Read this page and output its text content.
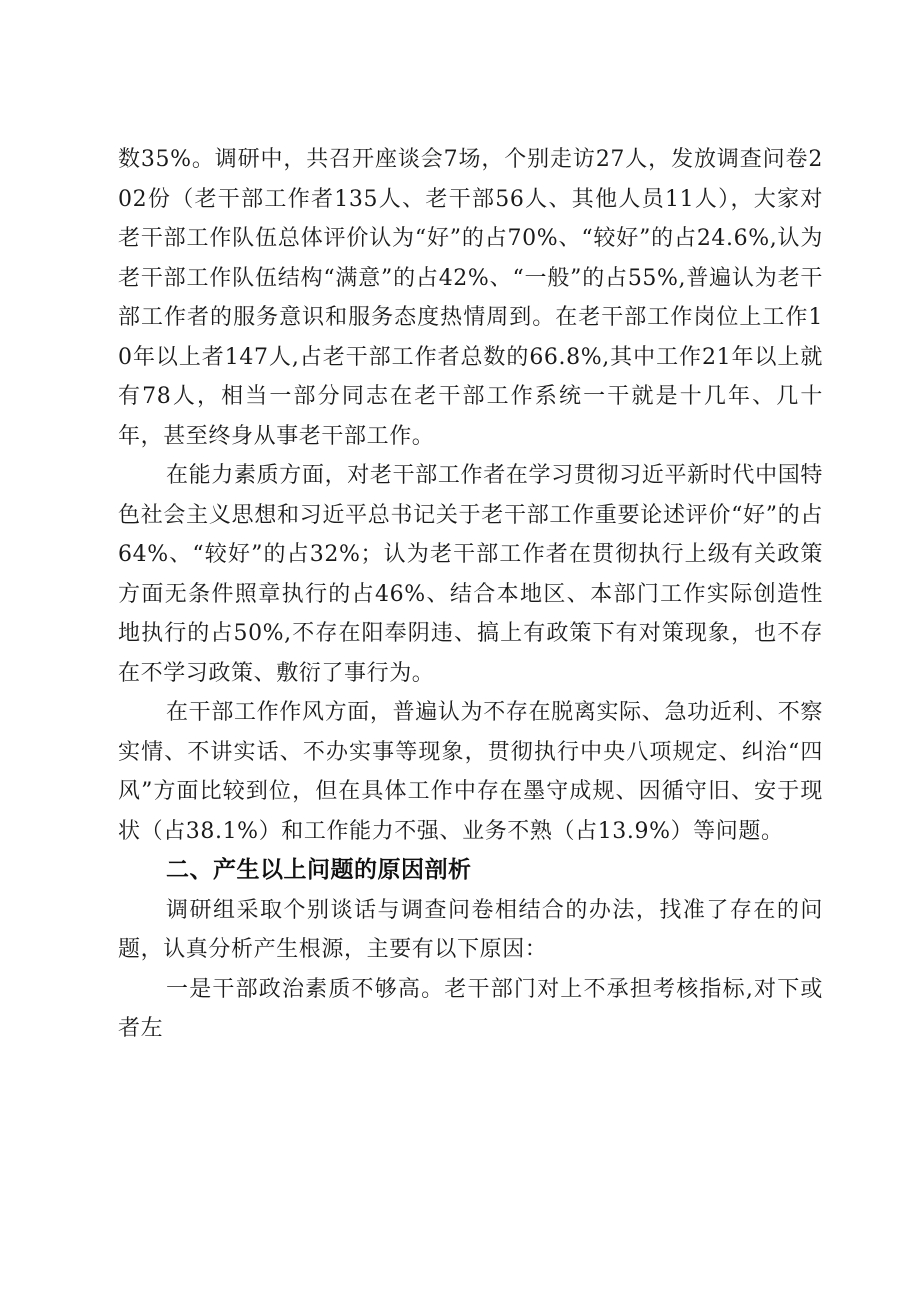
数35%。调研中，共召开座谈会7场，个别走访27人，发放调查问卷202份（老干部工作者135人、老干部56人、其他人员11人），大家对老干部工作队伍总体评价认为“好”的占70%、“较好”的占24.6%,认为老干部工作队伍结构“满意”的占42%、“一般”的占55%,普遍认为老干部工作者的服务意识和服务态度热情周到。在老干部工作岗位上工作10年以上者147人,占老干部工作者总数的66.8%,其中工作21年以上就有78人，相当一部分同志在老干部工作系统一干就是十几年、几十年，甚至终身从事老干部工作。

在能力素质方面，对老干部工作者在学习贯彻习近平新时代中国特色社会主义思想和习近平总书记关于老干部工作重要论述评价“好”的占64%、“较好”的占32%；认为老干部工作者在贯彻执行上级有关政策方面无条件照章执行的占46%、结合本地区、本部门工作实际创造性地执行的占50%,不存在阳奉阴违、搞上有政策下有对策现象，也不存在不学习政策、敷衍了事行为。

在干部工作作风方面，普遍认为不存在脱离实际、急功近利、不察实情、不讲实话、不办实事等现象，贯彻执行中央八项规定、纠治“四风”方面比较到位，但在具体工作中存在墨守成规、因循守旧、安于现状（占38.1%）和工作能力不强、业务不熟（占13.9%）等问题。

二、产生以上问题的原因剖析

调研组采取个别谈话与调查问卷相结合的办法，找准了存在的问题，认真分析产生根源，主要有以下原因：

一是干部政治素质不够高。老干部门对上不承担考核指标,对下或者左
